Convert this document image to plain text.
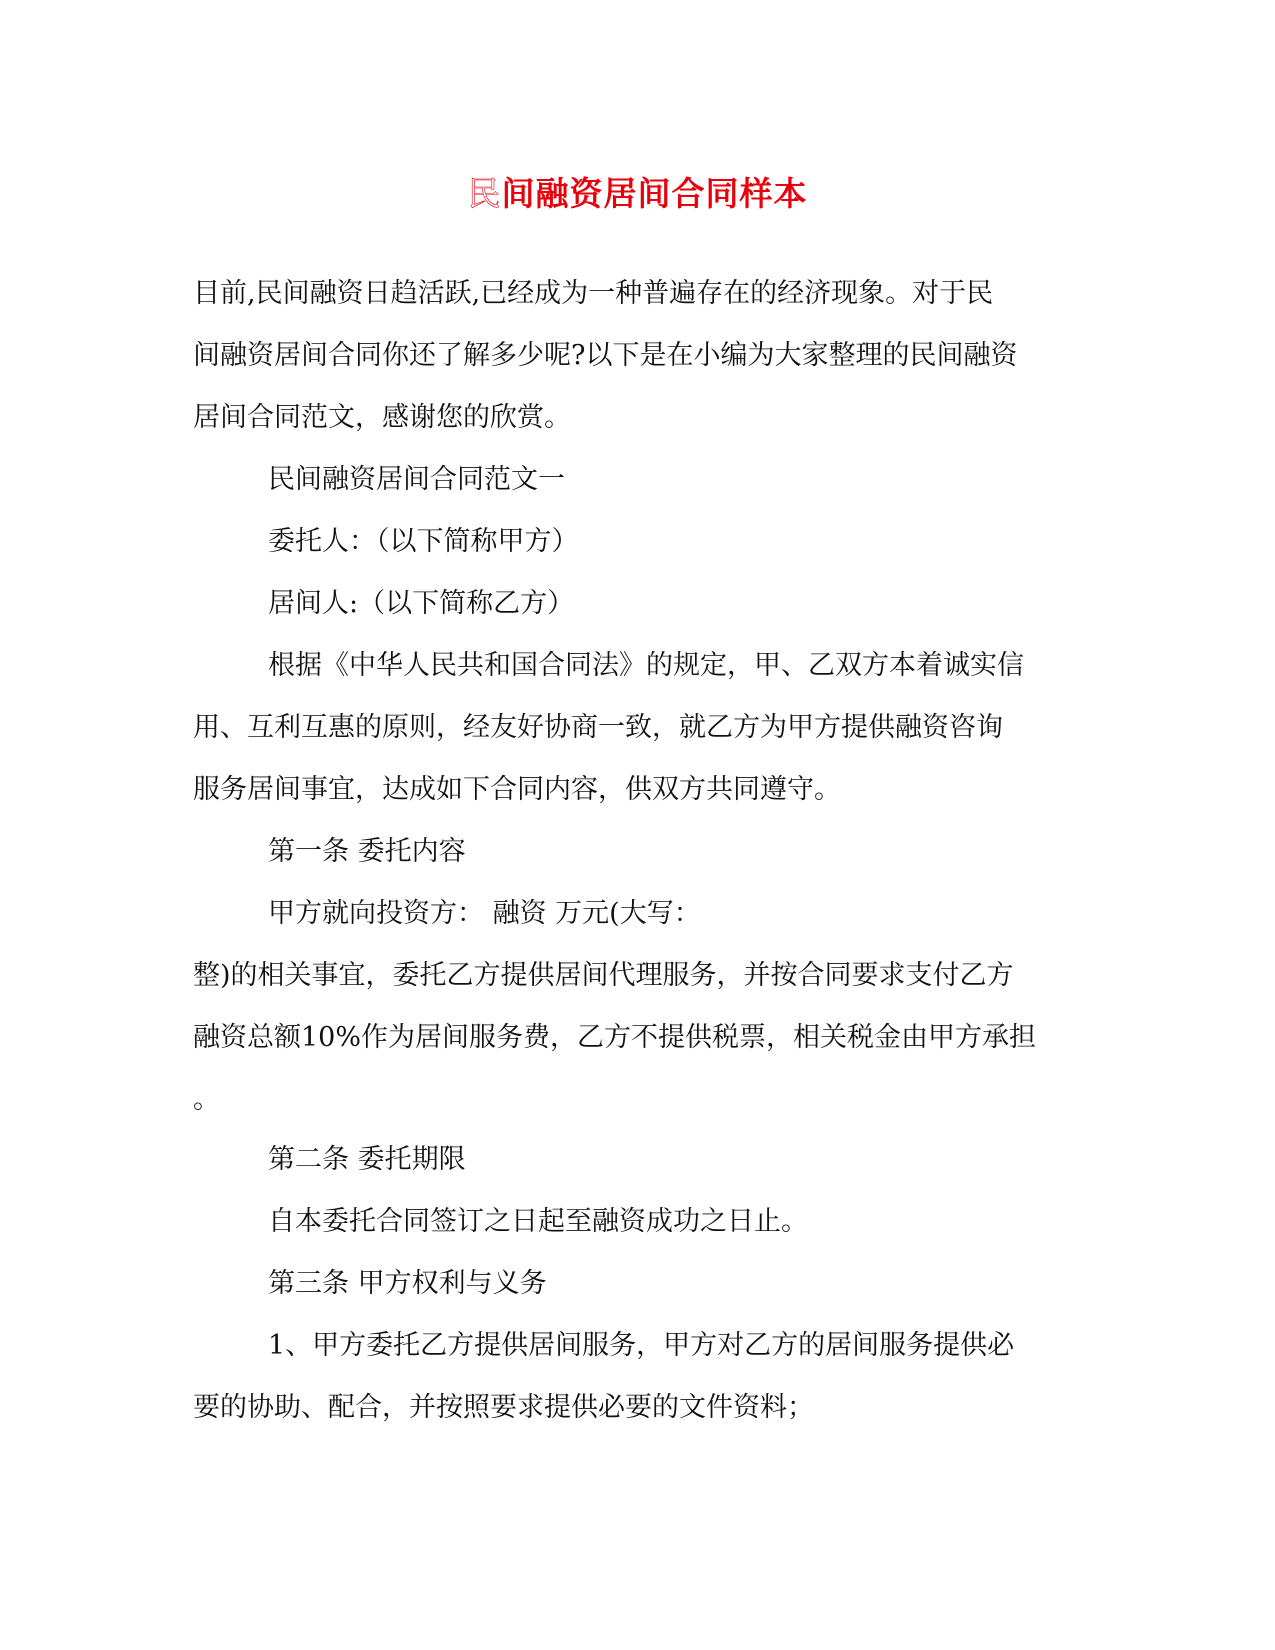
民间融资居间合同样本

目前,民间融资日趋活跃,已经成为一种普遍存在的经济现象。对于民

间融资居间合同你还了解多少呢?以下是在小编为大家整理的民间融资

居间合同范文，感谢您的欣赏。

民间融资居间合同范文一

委托人：（以下简称甲方）

居间人:（以下简称乙方）

根据《中华人民共和国合同法》的规定，甲、乙双方本着诚实信

用、互利互惠的原则，经友好协商一致，就乙方为甲方提供融资咨询

服务居间事宜，达成如下合同内容，供双方共同遵守。

第一条 委托内容

甲方就向投资方： 融资 万元(大写：

整)的相关事宜，委托乙方提供居间代理服务，并按合同要求支付乙方

融资总额10%作为居间服务费，乙方不提供税票，相关税金由甲方承担

。

第二条 委托期限

自本委托合同签订之日起至融资成功之日止。

第三条 甲方权利与义务

1、甲方委托乙方提供居间服务，甲方对乙方的居间服务提供必

要的协助、配合，并按照要求提供必要的文件资料；
